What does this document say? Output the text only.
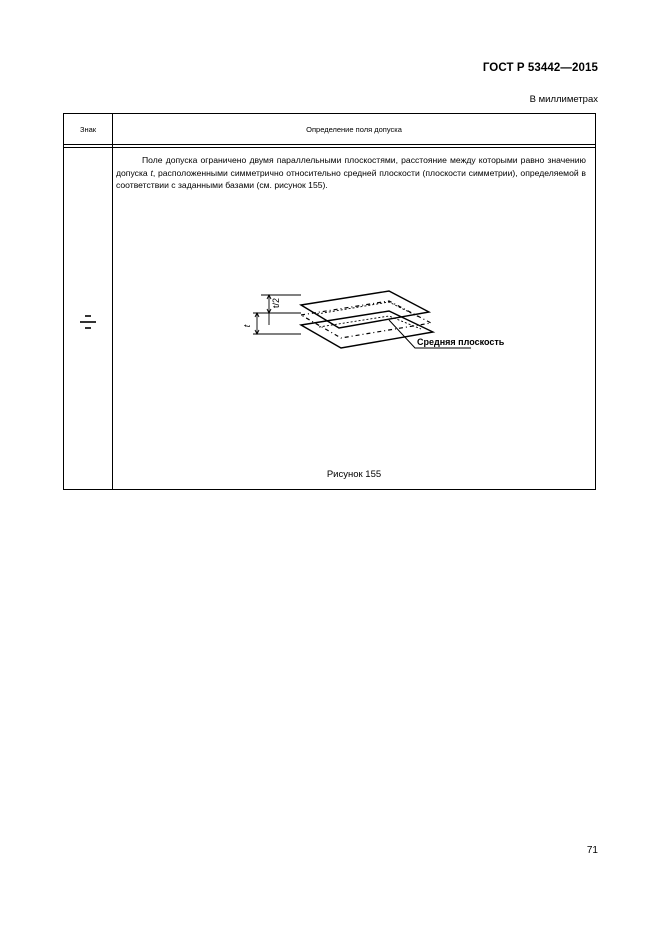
ГОСТ Р 53442—2015
В миллиметрах
Знак	Определение поля допуска
Поле допуска ограничено двумя параллельными плоскостями, расстояние между которыми равно значению допуска t, расположенными симметрично относительно средней плоскости (плоскости симметрии), определяемой в соответствии с заданными базами (см. рисунок 155).
t/2
t
Средняя плоскость
Рисунок 155
71
